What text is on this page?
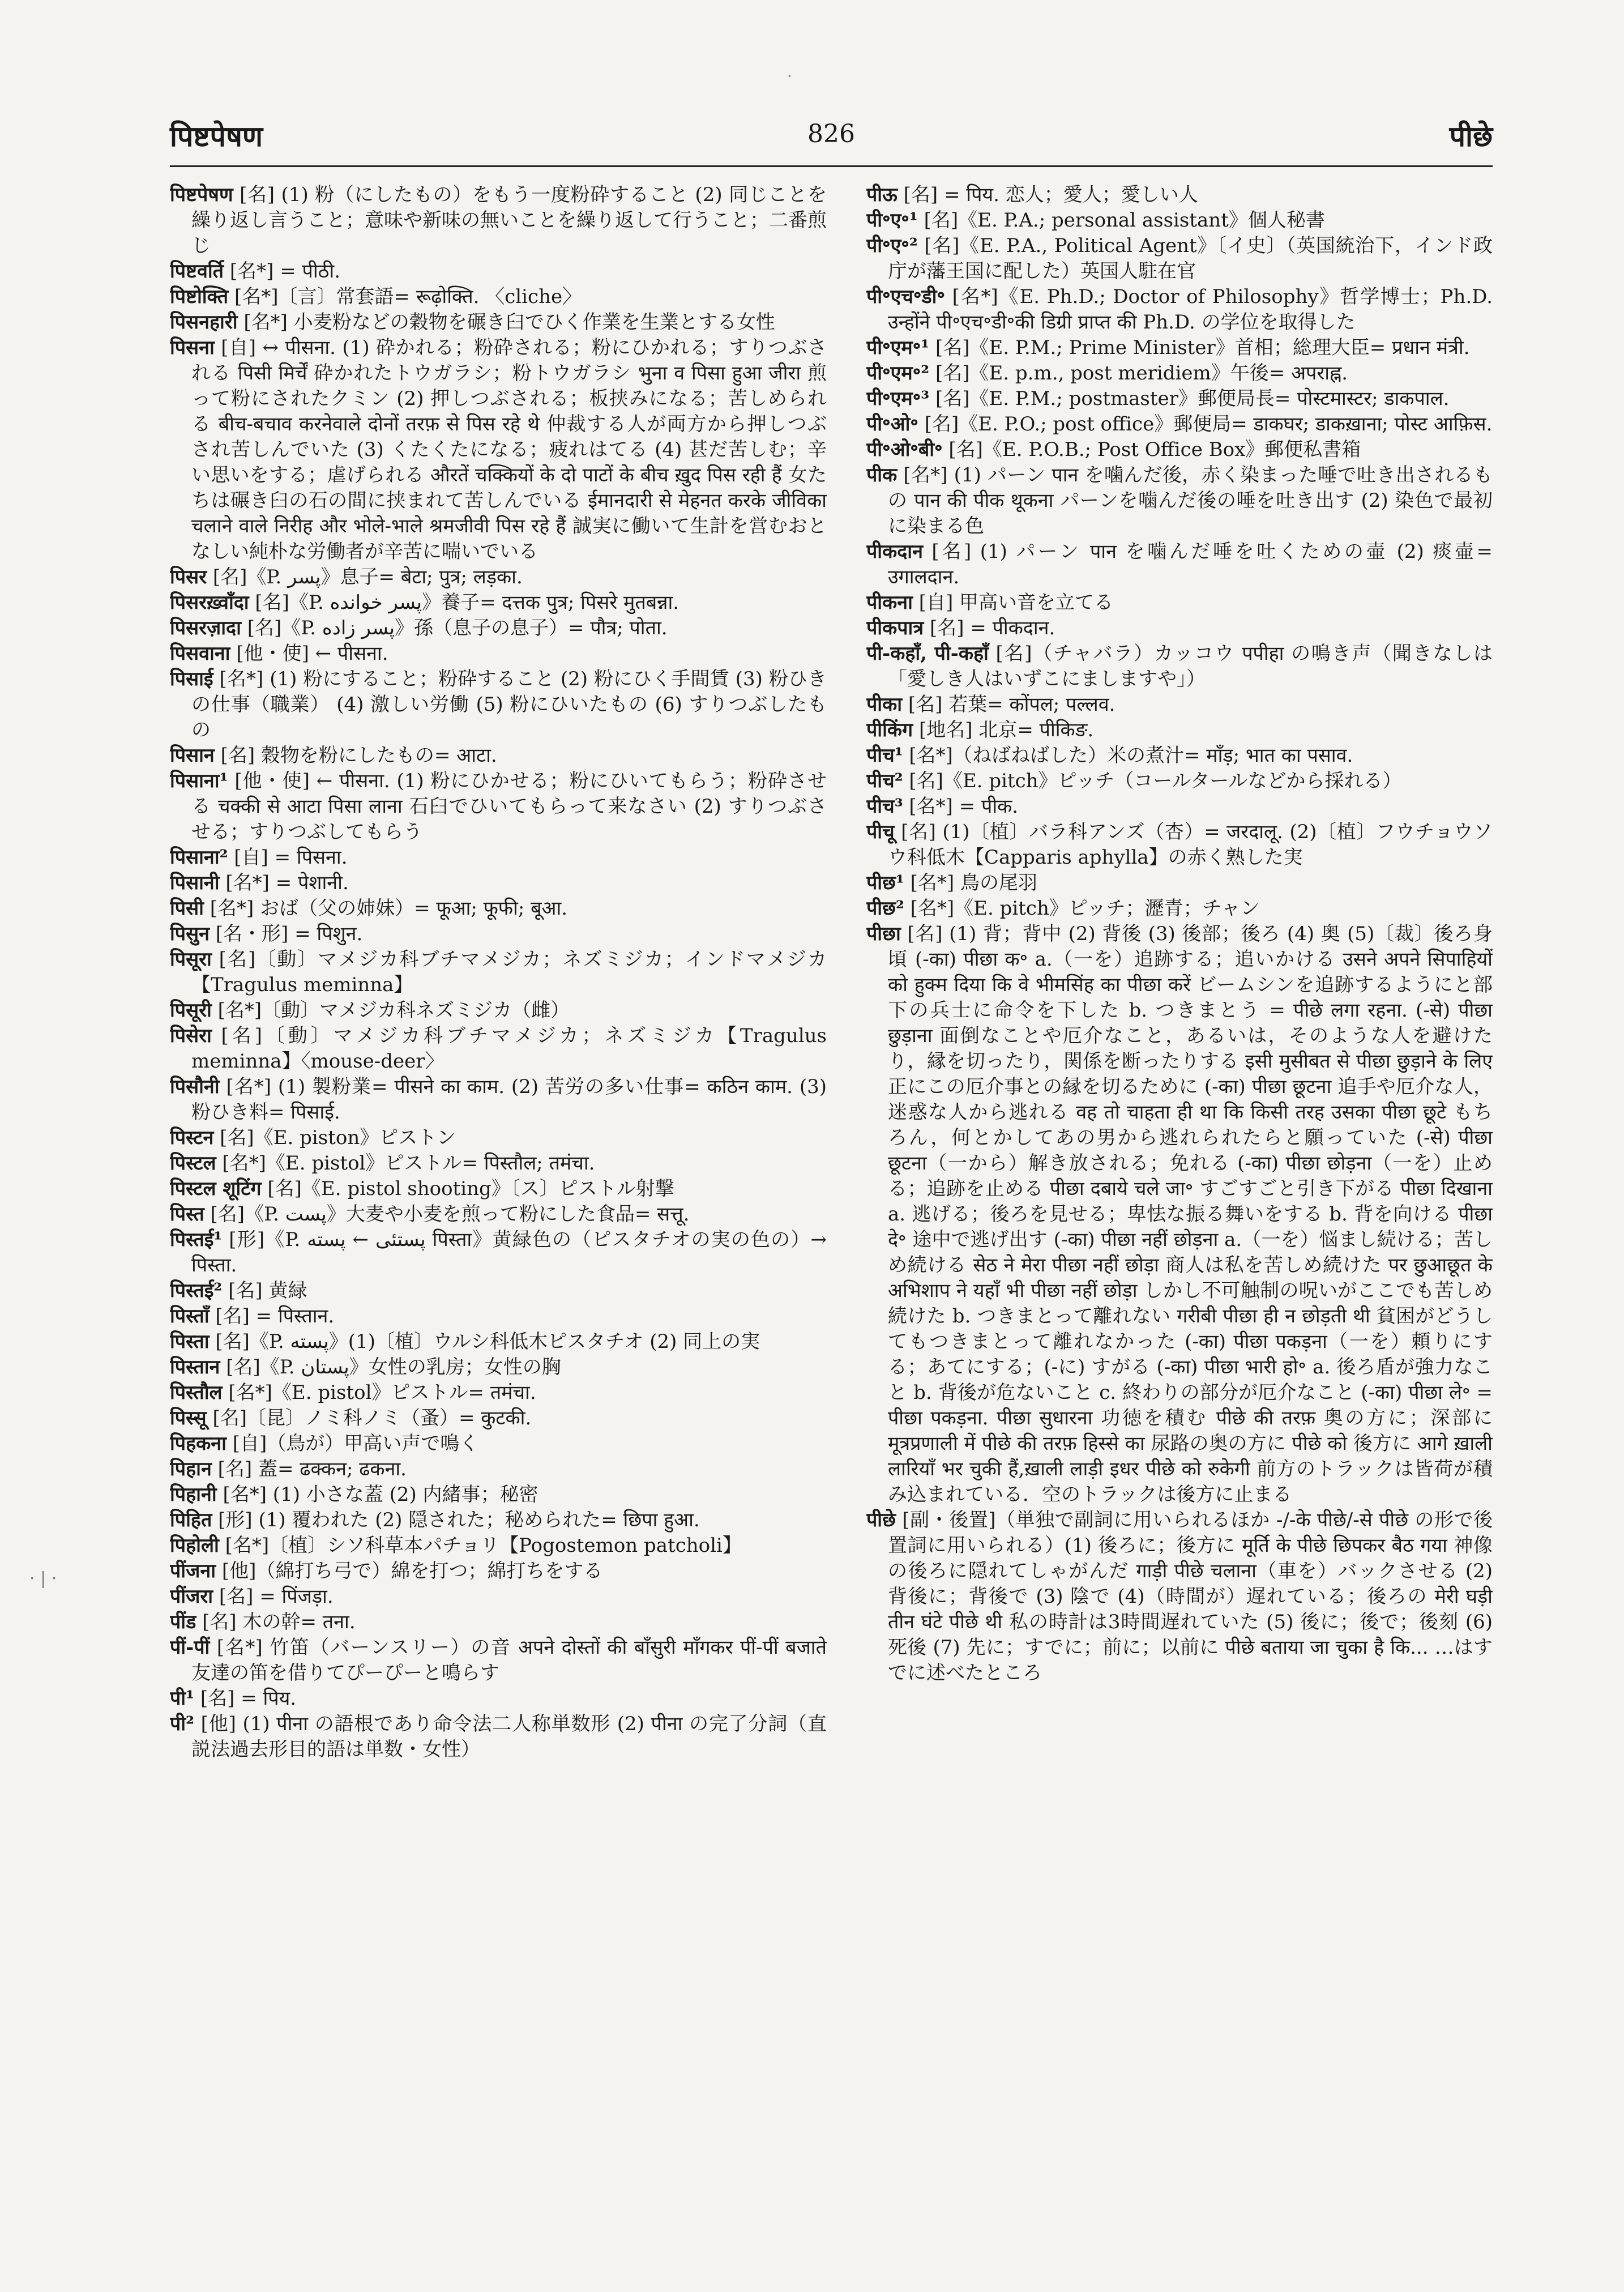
·
पिष्टपेषण	826	पीछे

पिष्टपेषण [名] (1) 粉（にしたもの）をもう一度粉砕すること (2) 同じことを繰り返し言うこと；意味や新味の無いことを繰り返して行うこと；二番煎じ

पिष्टवर्ति [名*] = पीठी.

पिष्टोक्ति [名*]〔言〕常套語= रूढ़ोक्ति. 〈cliche〉

पिसनहारी [名*] 小麦粉などの穀物を碾き臼でひく作業を生業とする女性

पिसना [自] ↔ पीसना. (1) 砕かれる；粉砕される；粉にひかれる；すりつぶされる पिसी मिर्चें 砕かれたトウガラシ；粉トウガラシ भुना व पिसा हुआ जीरा 煎って粉にされたクミン (2) 押しつぶされる；板挟みになる；苦しめられる बीच-बचाव करनेवाले दोनों तरफ़ से पिस रहे थे 仲裁する人が両方から押しつぶされ苦しんでいた (3) くたくたになる；疲れはてる (4) 甚だ苦しむ；辛い思いをする；虐げられる औरतें चक्कियों के दो पाटों के बीच ख़ुद पिस रही हैं 女たちは碾き臼の石の間に挟まれて苦しんでいる ईमानदारी से मेहनत करके जीविका चलाने वाले निरीह और भोले-भाले श्रमजीवी पिस रहे हैं 誠実に働いて生計を営むおとなしい純朴な労働者が辛苦に喘いでいる

पिसर [名]《P. پسر》息子= बेटा; पुत्र; लड़का.

पिसरख़्वाँदा [名]《P. پسر خوانده》養子= दत्तक पुत्र; पिसरे मुतबन्ना.

पिसरज़ादा [名]《P. پسر زاده》孫（息子の息子）= पौत्र; पोता.

पिसवाना [他・使] ← पीसना.

पिसाई [名*] (1) 粉にすること；粉砕すること (2) 粉にひく手間賃 (3) 粉ひきの仕事（職業） (4) 激しい労働 (5) 粉にひいたもの (6) すりつぶしたもの

पिसान [名] 穀物を粉にしたもの= आटा.

पिसाना¹ [他・使] ← पीसना. (1) 粉にひかせる；粉にひいてもらう；粉砕させる चक्की से आटा पिसा लाना 石臼でひいてもらって来なさい (2) すりつぶさせる；すりつぶしてもらう

पिसाना² [自] = पिसना.

पिसानी [名*] = पेशानी.

पिसी [名*] おば（父の姉妹）= फूआ; फूफी; बूआ.

पिसुन [名・形] = पिशुन.

पिसूरा [名]〔動〕マメジカ科ブチマメジカ；ネズミジカ；インドマメジカ【Tragulus meminna】

पिसूरी [名*]〔動〕マメジカ科ネズミジカ（雌）

पिसेरा [名]〔動〕マメジカ科ブチマメジカ；ネズミジカ【Tragulus meminna】〈mouse-deer〉

पिसौनी [名*] (1) 製粉業= पीसने का काम. (2) 苦労の多い仕事= कठिन काम. (3) 粉ひき料= पिसाई.

पिस्टन [名]《E. piston》ピストン

पिस्टल [名*]《E. pistol》ピストル= पिस्तौल; तमंचा.

पिस्टल शूटिंग [名]《E. pistol shooting》〔ス〕ピストル射撃

पिस्त [名]《P. پست》大麦や小麦を煎って粉にした食品= सत्तू.

पिस्तई¹ [形]《P. پستئی ← پسته पिस्ता》黄緑色の（ピスタチオの実の色の）→ पिस्ता.

पिस्तई² [名] 黄緑

पिस्ताँ [名] = पिस्तान.

पिस्ता [名]《P. پسته》(1)〔植〕ウルシ科低木ピスタチオ (2) 同上の実

पिस्तान [名]《P. پستان》女性の乳房；女性の胸

पिस्तौल [名*]《E. pistol》ピストル= तमंचा.

पिस्सू [名]〔昆〕ノミ科ノミ（蚤）= कुटकी.

पिहकना [自]（鳥が）甲高い声で鳴く

पिहान [名] 蓋= ढक्कन; ढकना.

पिहानी [名*] (1) 小さな蓋 (2) 内緒事；秘密

पिहित [形] (1) 覆われた (2) 隠された；秘められた= छिपा हुआ.

पिहोली [名*]〔植〕シソ科草本パチョリ【Pogostemon patcholi】

पींजना [他]（綿打ち弓で）綿を打つ；綿打ちをする

पींजरा [名] = पिंजड़ा.

पींड [名] 木の幹= तना.

पीं-पीं [名*] 竹笛（バーンスリー）の音 अपने दोस्तों की बाँसुरी माँगकर पीं-पीं बजाते 友達の笛を借りてぴーぴーと鳴らす

पी¹ [名] = पिय.

पी² [他] (1) पीना の語根であり命令法二人称単数形 (2) पीना の完了分詞（直説法過去形目的語は単数・女性）

पीऊ [名] = पिय. 恋人；愛人；愛しい人

पी॰ए॰¹ [名]《E. P.A.; personal assistant》個人秘書

पी॰ए॰² [名]《E. P.A., Political Agent》〔イ史〕（英国統治下，インド政庁が藩王国に配した）英国人駐在官

पी॰एच॰डी॰ [名*]《E. Ph.D.; Doctor of Philosophy》哲学博士；Ph.D. उन्होंने पी॰एच॰डी॰की डिग्री प्राप्त की Ph.D. の学位を取得した

पी॰एम॰¹ [名]《E. P.M.; Prime Minister》首相；総理大臣= प्रधान मंत्री.

पी॰एम॰² [名]《E. p.m., post meridiem》午後= अपराह्न.

पी॰एम॰³ [名]《E. P.M.; postmaster》郵便局長= पोस्टमास्टर; डाकपाल.

पी॰ओ॰ [名]《E. P.O.; post office》郵便局= डाकघर; डाकख़ाना; पोस्ट आफ़िस.

पी॰ओ॰बी॰ [名]《E. P.O.B.; Post Office Box》郵便私書箱

पीक [名*] (1) パーン पान を噛んだ後，赤く染まった唾で吐き出されるもの पान की पीक थूकना パーンを噛んだ後の唾を吐き出す (2) 染色で最初に染まる色

पीकदान [名] (1) パーン पान を噛んだ唾を吐くための壷 (2) 痰壷= उगालदान.

पीकना [自] 甲高い音を立てる

पीकपात्र [名] = पीकदान.

पी-कहाँ, पी-कहाँ [名]（チャバラ）カッコウ पपीहा の鳴き声（聞きなしは「愛しき人はいずこにましますや」）

पीका [名] 若葉= कोंपल; पल्लव.

पीकिंग [地名] 北京= पीकिङ.

पीच¹ [名*]（ねばねばした）米の煮汁= माँड़; भात का पसाव.

पीच² [名]《E. pitch》ピッチ（コールタールなどから採れる）

पीच³ [名*] = पीक.

पीचू [名] (1)〔植〕バラ科アンズ（杏）= जरदालू. (2)〔植〕フウチョウソウ科低木【Capparis aphylla】の赤く熟した実

पीछ¹ [名*] 鳥の尾羽

पीछ² [名*]《E. pitch》ピッチ；瀝青；チャン

पीछा [名] (1) 背；背中 (2) 背後 (3) 後部；後ろ (4) 奥 (5)〔裁〕後ろ身頃 (-का) पीछा क॰ a.（一を）追跡する；追いかける उसने अपने सिपाहियों को हुक्म दिया कि वे भीमसिंह का पीछा करें ビームシンを追跡するようにと部下の兵士に命令を下した b. つきまとう = पीछे लगा रहना. (-से) पीछा छुड़ाना 面倒なことや厄介なこと，あるいは，そのような人を避けたり，縁を切ったり，関係を断ったりする इसी मुसीबत से पीछा छुड़ाने के लिए 正にこの厄介事との縁を切るために (-का) पीछा छूटना 追手や厄介な人，迷惑な人から逃れる वह तो चाहता ही था कि किसी तरह उसका पीछा छूटे もちろん，何とかしてあの男から逃れられたらと願っていた (-से) पीछा छूटना（一から）解き放される；免れる (-का) पीछा छोड़ना（一を）止める；追跡を止める पीछा दबाये चले जा॰ すごすごと引き下がる पीछा दिखाना a. 逃げる；後ろを見せる；卑怯な振る舞いをする b. 背を向ける पीछा दे॰ 途中で逃げ出す (-का) पीछा नहीं छोड़ना a.（一を）悩まし続ける；苦しめ続ける सेठ ने मेरा पीछा नहीं छोड़ा 商人は私を苦しめ続けた पर छुआछूत के अभिशाप ने यहाँ भी पीछा नहीं छोड़ा しかし不可触制の呪いがここでも苦しめ続けた b. つきまとって離れない गरीबी पीछा ही न छोड़ती थी 貧困がどうしてもつきまとって離れなかった (-का) पीछा पकड़ना（一を）頼りにする；あてにする；(-に) すがる (-का) पीछा भारी हो॰ a. 後ろ盾が強力なこと b. 背後が危ないこと c. 終わりの部分が厄介なこと (-का) पीछा ले॰ = पीछा पकड़ना. पीछा सुधारना 功徳を積む पीछे की तरफ़ 奥の方に；深部に मूत्रप्रणाली में पीछे की तरफ़ हिस्से का 尿路の奥の方に पीछे को 後方に आगे ख़ाली लारियाँ भर चुकी हैं,ख़ाली लाड़ी इधर पीछे को रुकेगी 前方のトラックは皆荷が積み込まれている．空のトラックは後方に止まる

पीछे [副・後置]（単独で副詞に用いられるほか -/-के पीछे/-से पीछे の形で後置詞に用いられる）(1) 後ろに；後方に मूर्ति के पीछे छिपकर बैठ गया 神像の後ろに隠れてしゃがんだ गाड़ी पीछे चलाना（車を）バックさせる (2) 背後に；背後で (3) 陰で (4)（時間が）遅れている；後ろの मेरी घड़ी तीन घंटे पीछे थी 私の時計は3時間遅れていた (5) 後に；後で；後刻 (6) 死後 (7) 先に；すでに；前に；以前に पीछे बताया जा चुका है कि... …はすでに述べたところ

· | ·
